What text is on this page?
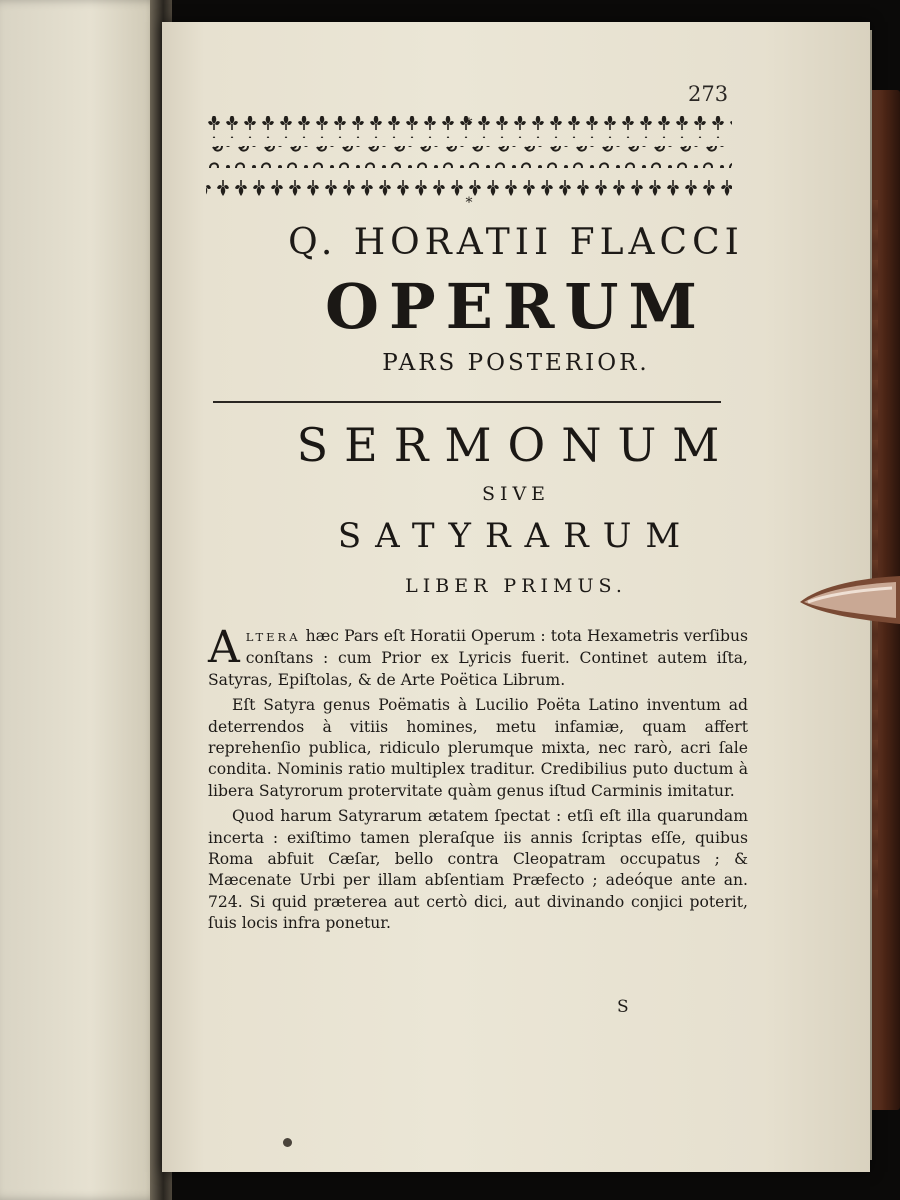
273
*
*
Q. HORATII FLACCI
OPERUM
PARS POSTERIOR.
SERMONUM
SIVE
SATYRARUM
LIBER PRIMUS.

ALTERA hæc Pars eſt Horatii Operum : tota Hexametris verſibus conſtans : cum Prior ex Lyricis fuerit. Continet autem iſta, Satyras, Epiſtolas, & de Arte Poëtica Librum.

Eſt Satyra genus Poëmatis à Lucilio Poëta Latino inventum ad deterrendos à vitiis homines, metu infamiæ, quam affert reprehenſio publica, ridiculo plerumque mixta, nec rarò, acri ſale condita. Nominis ratio multiplex traditur. Credibilius puto ductum à libera Satyrorum protervitate quàm genus iſtud Carminis imitatur.

Quod harum Satyrarum ætatem ſpectat : etſi eſt illa quarundam incerta : exiſtimo tamen pleraſque iis annis ſcriptas eſſe, quibus Roma abfuit Cæſar, bello contra Cleopatram occupatus ; & Mæcenate Urbi per illam abſentiam Præfecto ; adeóque ante an. 724. Si quid præterea aut certò dici, aut divinando conjici poterit, ſuis locis infra ponetur.

S
